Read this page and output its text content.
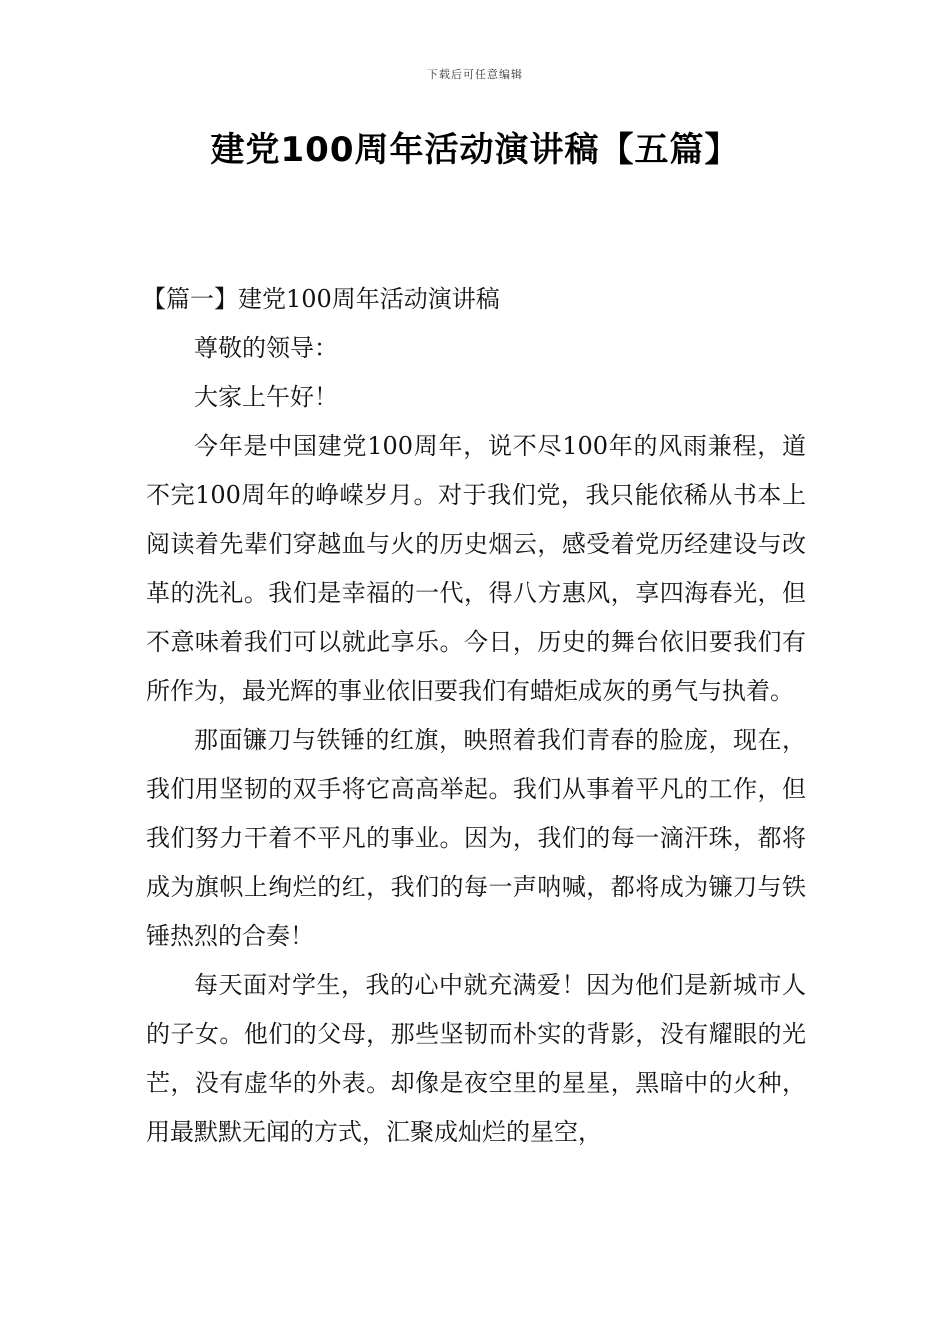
下载后可任意编辑
建党100周年活动演讲稿【五篇】
【篇一】建党100周年活动演讲稿

尊敬的领导：

大家上午好！

今年是中国建党100周年，说不尽100年的风雨兼程，道不完100周年的峥嵘岁月。对于我们党，我只能依稀从书本上阅读着先辈们穿越血与火的历史烟云，感受着党历经建设与改革的洗礼。我们是幸福的一代，得八方惠风，享四海春光，但不意味着我们可以就此享乐。今日，历史的舞台依旧要我们有所作为，最光辉的事业依旧要我们有蜡炬成灰的勇气与执着。

那面镰刀与铁锤的红旗，映照着我们青春的脸庞，现在，我们用坚韧的双手将它高高举起。我们从事着平凡的工作，但我们努力干着不平凡的事业。因为，我们的每一滴汗珠，都将成为旗帜上绚烂的红，我们的每一声呐喊，都将成为镰刀与铁锤热烈的合奏！

每天面对学生，我的心中就充满爱！因为他们是新城市人的子女。他们的父母，那些坚韧而朴实的背影，没有耀眼的光芒，没有虚华的外表。却像是夜空里的星星，黑暗中的火种，用最默默无闻的方式，汇聚成灿烂的星空，
